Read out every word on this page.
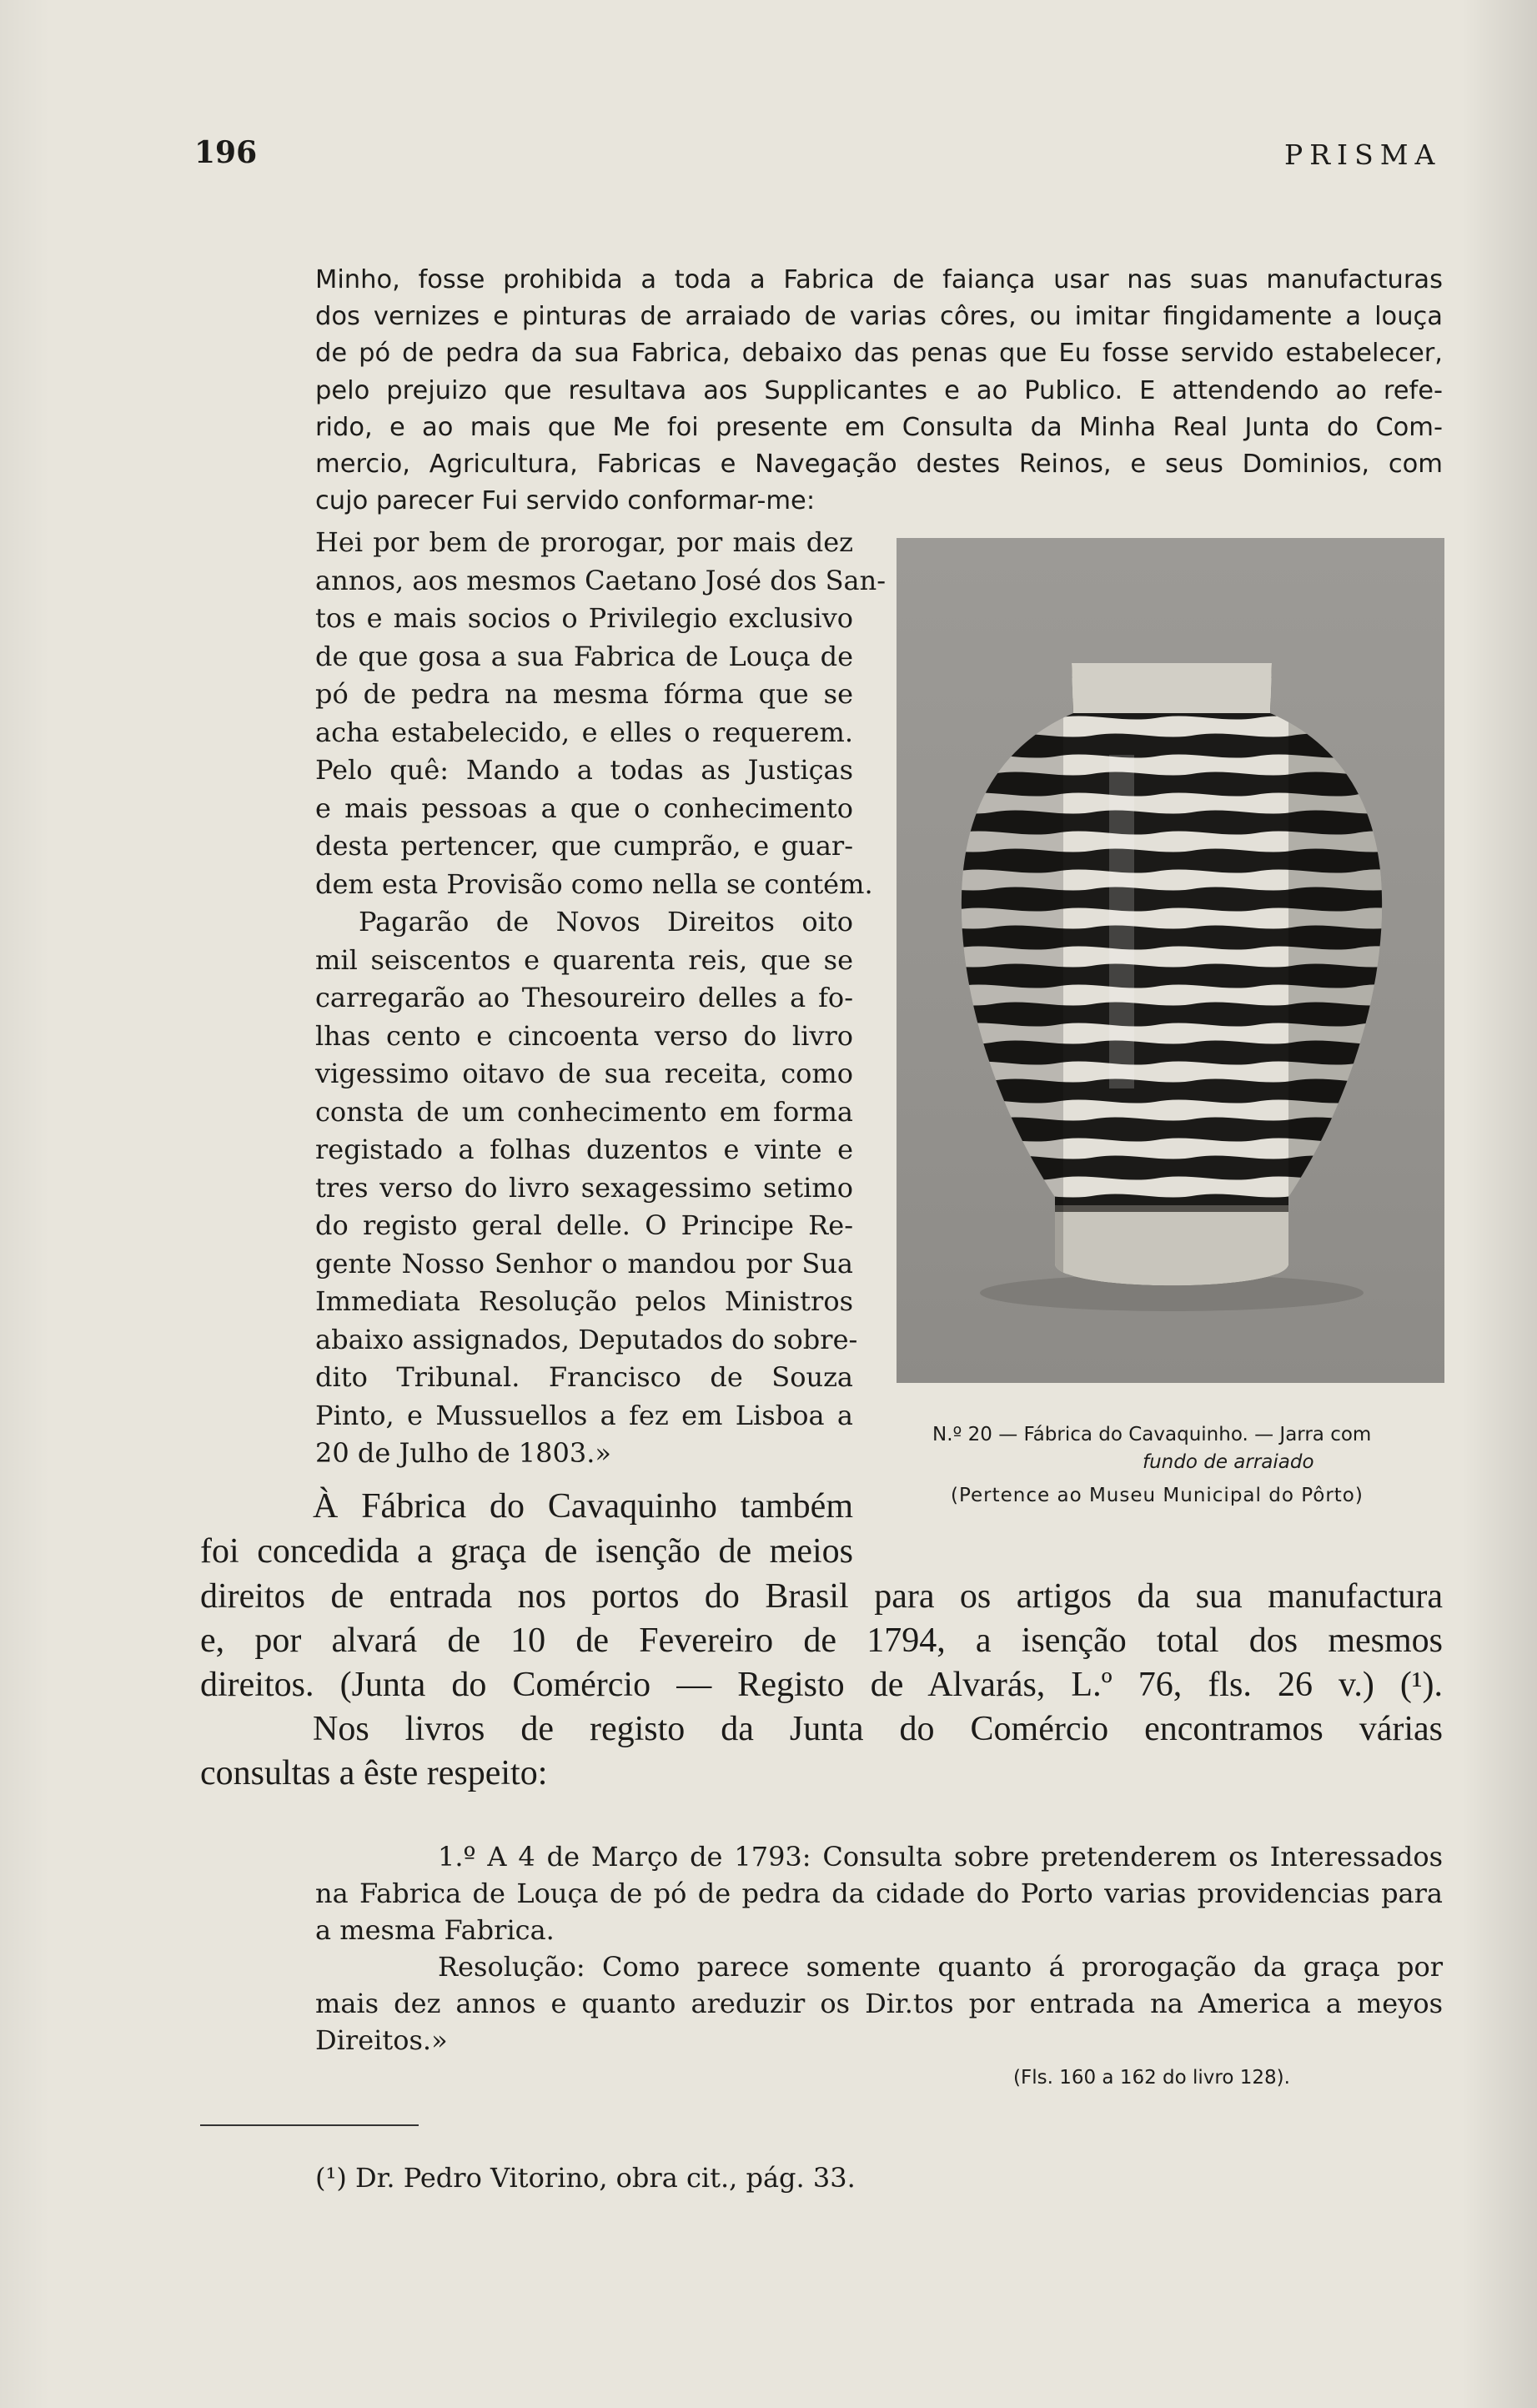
196	PRISMA

Minho, fosse prohibida a toda a Fabrica de faiança usar nas suas manufacturas

dos vernizes e pinturas de arraiado de varias côres, ou imitar fingidamente a louça

de pó de pedra da sua Fabrica, debaixo das penas que Eu fosse servido estabelecer,

pelo prejuizo que resultava aos Supplicantes e ao Publico. E attendendo ao refe-

rido, e ao mais que Me foi presente em Consulta da Minha Real Junta do Com-

mercio, Agricultura, Fabricas e Navegação destes Reinos, e seus Dominios, com

cujo parecer Fui servido conformar-me:

Hei por bem de prorogar, por mais dez

annos, aos mesmos Caetano José dos San-

tos e mais socios o Privilegio exclusivo

de que gosa a sua Fabrica de Louça de

pó de pedra na mesma fórma que se

acha estabelecido, e elles o requerem.

Pelo quê: Mando a todas as Justiças

e mais pessoas a que o conhecimento

desta pertencer, que cumprão, e guar-

dem esta Provisão como nella se contém.

Pagarão de Novos Direitos oito

mil seiscentos e quarenta reis, que se

carregarão ao Thesoureiro delles a fo-

lhas cento e cincoenta verso do livro

vigessimo oitavo de sua receita, como

consta de um conhecimento em forma

registado a folhas duzentos e vinte e

tres verso do livro sexagessimo setimo

do registo geral delle. O Principe Re-

gente Nosso Senhor o mandou por Sua

Immediata Resolução pelos Ministros

abaixo assignados, Deputados do sobre-

dito Tribunal. Francisco de Souza

Pinto, e Mussuellos a fez em Lisboa a

20 de Julho de 1803.»

N.º 20 — Fábrica do Cavaquinho. — Jarra com
fundo de arraiado
(Pertence ao Museu Municipal do Pôrto)

À Fábrica do Cavaquinho também

foi concedida a graça de isenção de meios

direitos de entrada nos portos do Brasil para os artigos da sua manufactura

e, por alvará de 10 de Fevereiro de 1794, a isenção total dos mesmos

direitos. (Junta do Comércio — Registo de Alvarás, L.º 76, fls. 26 v.) (¹).

Nos livros de registo da Junta do Comércio encontramos várias

consultas a êste respeito:

1.º A 4 de Março de 1793: Consulta sobre pretenderem os Interessados

na Fabrica de Louça de pó de pedra da cidade do Porto varias providencias para

a mesma Fabrica.

Resolução: Como parece somente quanto á prorogação da graça por

mais dez annos e quanto areduzir os Dir.tos por entrada na America a meyos

Direitos.»

(Fls. 160 a 162 do livro 128).
(¹) Dr. Pedro Vitorino, obra cit., pág. 33.
